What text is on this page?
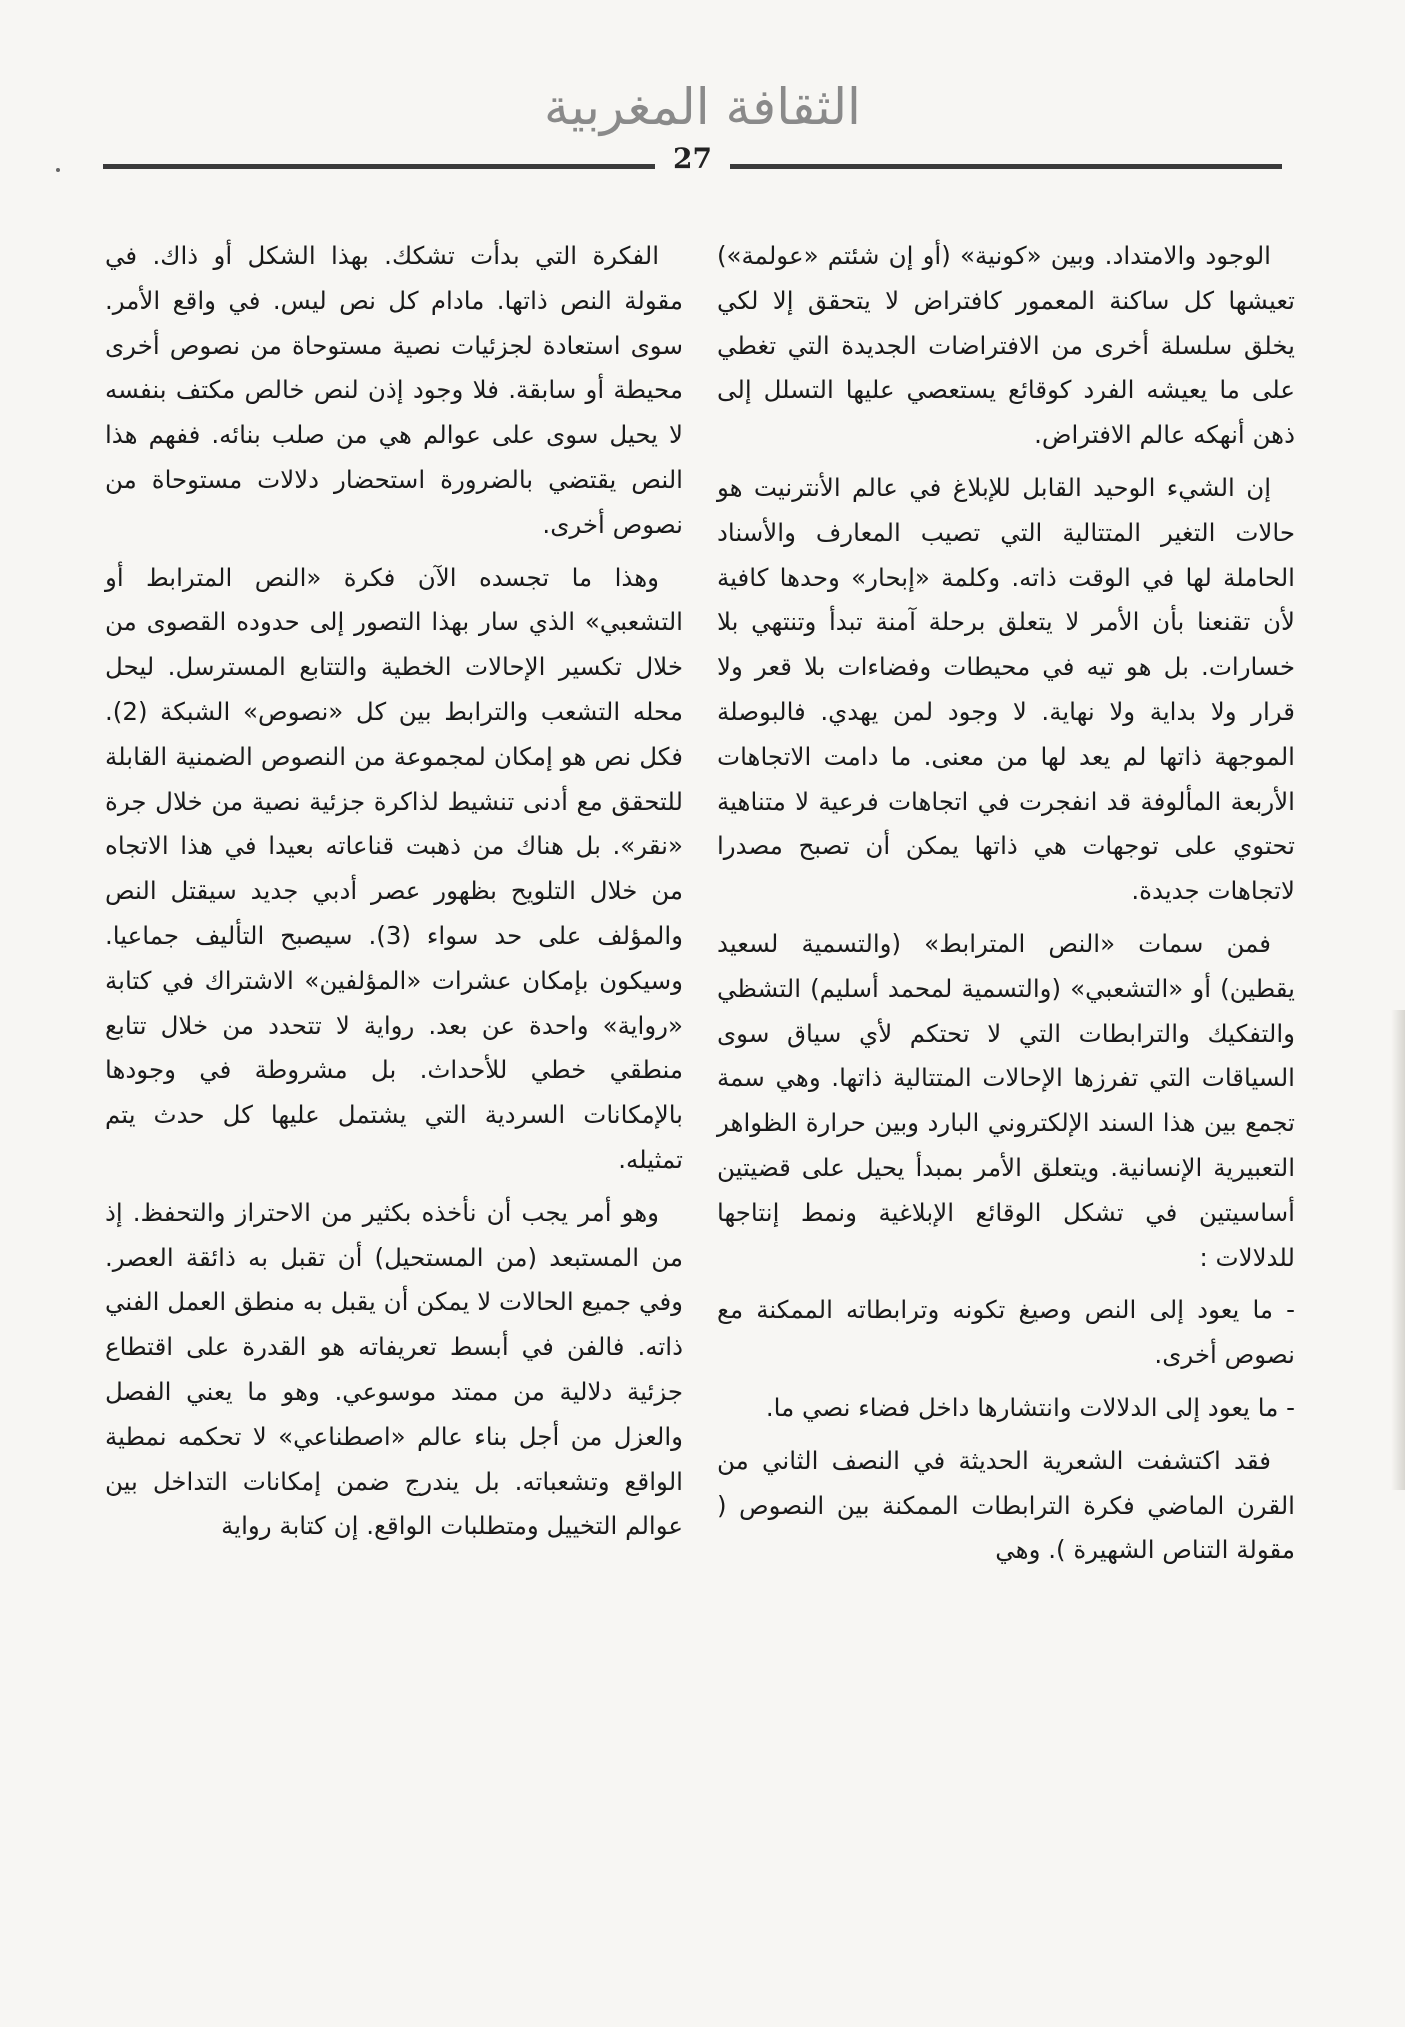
الثقافة المغربية
27

الوجود والامتداد. وبين «كونية» (أو إن شئتم «عولمة») تعيشها كل ساكنة المعمور كافتراض لا يتحقق إلا لكي يخلق سلسلة أخرى من الافتراضات الجديدة التي تغطي على ما يعيشه الفرد كوقائع يستعصي عليها التسلل إلى ذهن أنهكه عالم الافتراض.

إن الشيء الوحيد القابل للإبلاغ في عالم الأنترنيت هو حالات التغير المتتالية التي تصيب المعارف والأسناد الحاملة لها في الوقت ذاته. وكلمة «إبحار» وحدها كافية لأن تقنعنا بأن الأمر لا يتعلق برحلة آمنة تبدأ وتنتهي بلا خسارات. بل هو تيه في محيطات وفضاءات بلا قعر ولا قرار ولا بداية ولا نهاية. لا وجود لمن يهدي. فالبوصلة الموجهة ذاتها لم يعد لها من معنى. ما دامت الاتجاهات الأربعة المألوفة قد انفجرت في اتجاهات فرعية لا متناهية تحتوي على توجهات هي ذاتها يمكن أن تصبح مصدرا لاتجاهات جديدة.

فمن سمات «النص المترابط» (والتسمية لسعيد يقطين) أو «التشعبي» (والتسمية لمحمد أسليم) التشظي والتفكيك والترابطات التي لا تحتكم لأي سياق سوى السياقات التي تفرزها الإحالات المتتالية ذاتها. وهي سمة تجمع بين هذا السند الإلكتروني البارد وبين حرارة الظواهر التعبيرية الإنسانية. ويتعلق الأمر بمبدأ يحيل على قضيتين أساسيتين في تشكل الوقائع الإبلاغية ونمط إنتاجها للدلالات :

- ما يعود إلى النص وصيغ تكونه وترابطاته الممكنة مع نصوص أخرى.

- ما يعود إلى الدلالات وانتشارها داخل فضاء نصي ما.

فقد اكتشفت الشعرية الحديثة في النصف الثاني من القرن الماضي فكرة الترابطات الممكنة بين النصوص ( مقولة التناص الشهيرة ). وهي

الفكرة التي بدأت تشكك. بهذا الشكل أو ذاك. في مقولة النص ذاتها. مادام كل نص ليس. في واقع الأمر. سوى استعادة لجزئيات نصية مستوحاة من نصوص أخرى محيطة أو سابقة. فلا وجود إذن لنص خالص مكتف بنفسه لا يحيل سوى على عوالم هي من صلب بنائه. ففهم هذا النص يقتضي بالضرورة استحضار دلالات مستوحاة من نصوص أخرى.

وهذا ما تجسده الآن فكرة «النص المترابط أو التشعبي» الذي سار بهذا التصور إلى حدوده القصوى من خلال تكسير الإحالات الخطية والتتابع المسترسل. ليحل محله التشعب والترابط بين كل «نصوص» الشبكة (2). فكل نص هو إمكان لمجموعة من النصوص الضمنية القابلة للتحقق مع أدنى تنشيط لذاكرة جزئية نصية من خلال جرة «نقر». بل هناك من ذهبت قناعاته بعيدا في هذا الاتجاه من خلال التلويح بظهور عصر أدبي جديد سيقتل النص والمؤلف على حد سواء (3). سيصبح التأليف جماعيا. وسيكون بإمكان عشرات «المؤلفين» الاشتراك في كتابة «رواية» واحدة عن بعد. رواية لا تتحدد من خلال تتابع منطقي خطي للأحداث. بل مشروطة في وجودها بالإمكانات السردية التي يشتمل عليها كل حدث يتم تمثيله.

وهو أمر يجب أن نأخذه بكثير من الاحتراز والتحفظ. إذ من المستبعد (من المستحيل) أن تقبل به ذائقة العصر. وفي جميع الحالات لا يمكن أن يقبل به منطق العمل الفني ذاته. فالفن في أبسط تعريفاته هو القدرة على اقتطاع جزئية دلالية من ممتد موسوعي. وهو ما يعني الفصل والعزل من أجل بناء عالم «اصطناعي» لا تحكمه نمطية الواقع وتشعباته. بل يندرج ضمن إمكانات التداخل بين عوالم التخييل ومتطلبات الواقع. إن كتابة رواية
